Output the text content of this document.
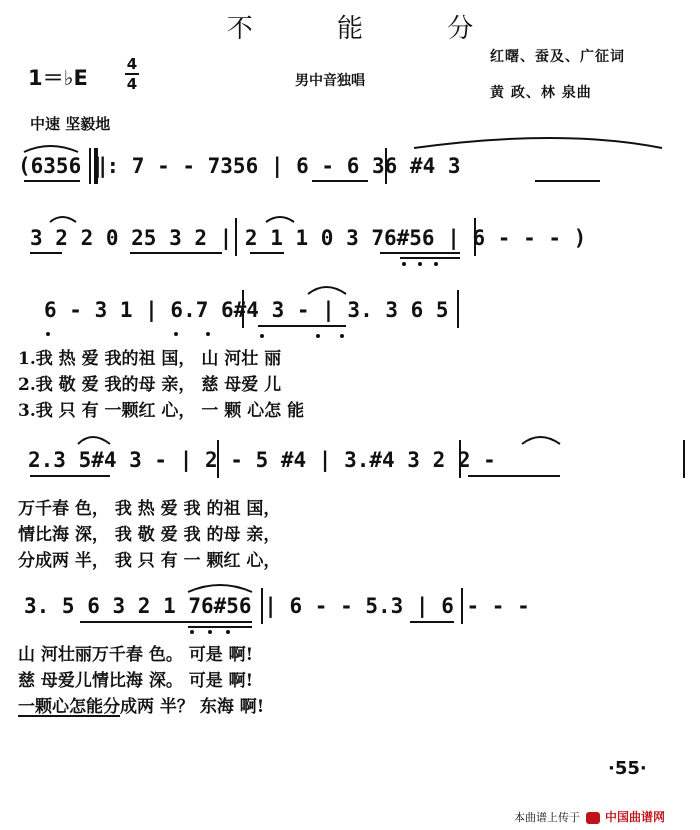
不 能 分
1＝♭E
4
4	男中音独唱
红曙、蚕及、广征词
黄 政、林 泉曲
中速 坚毅地
(6356 ‖: 7 - - 7356 | 6 - 6 36 #4 3
3 2 2 0 25 3 2 | 2 1 1 0 3 76#56 | 6 - - - )
6 - 3 1 | 6.7 6#4 3 - | 3. 3 6 5
1.我 热 爱 我的祖 国， 山 河壮 丽
2.我 敬 爱 我的母 亲， 慈 母爱 儿
3.我 只 有 一颗红 心， 一 颗 心怎 能
2.3 5#4 3 - | 2 - 5 #4 | 3.#4 3 2 2 -
万千春 色， 我 热 爱 我 的祖 国，
情比海 深， 我 敬 爱 我 的母 亲，
分成两 半， 我 只 有 一 颗红 心，
3. 5 6 3 2 1 76#56 | 6 - - 5.3 | 6 - - -
山 河壮丽万千春 色。 可是 啊!
慈 母爱儿情比海 深。 可是 啊!
一颗心怎能分成两 半？ 东海 啊!
·55·
本曲谱上传于 中国曲谱网
